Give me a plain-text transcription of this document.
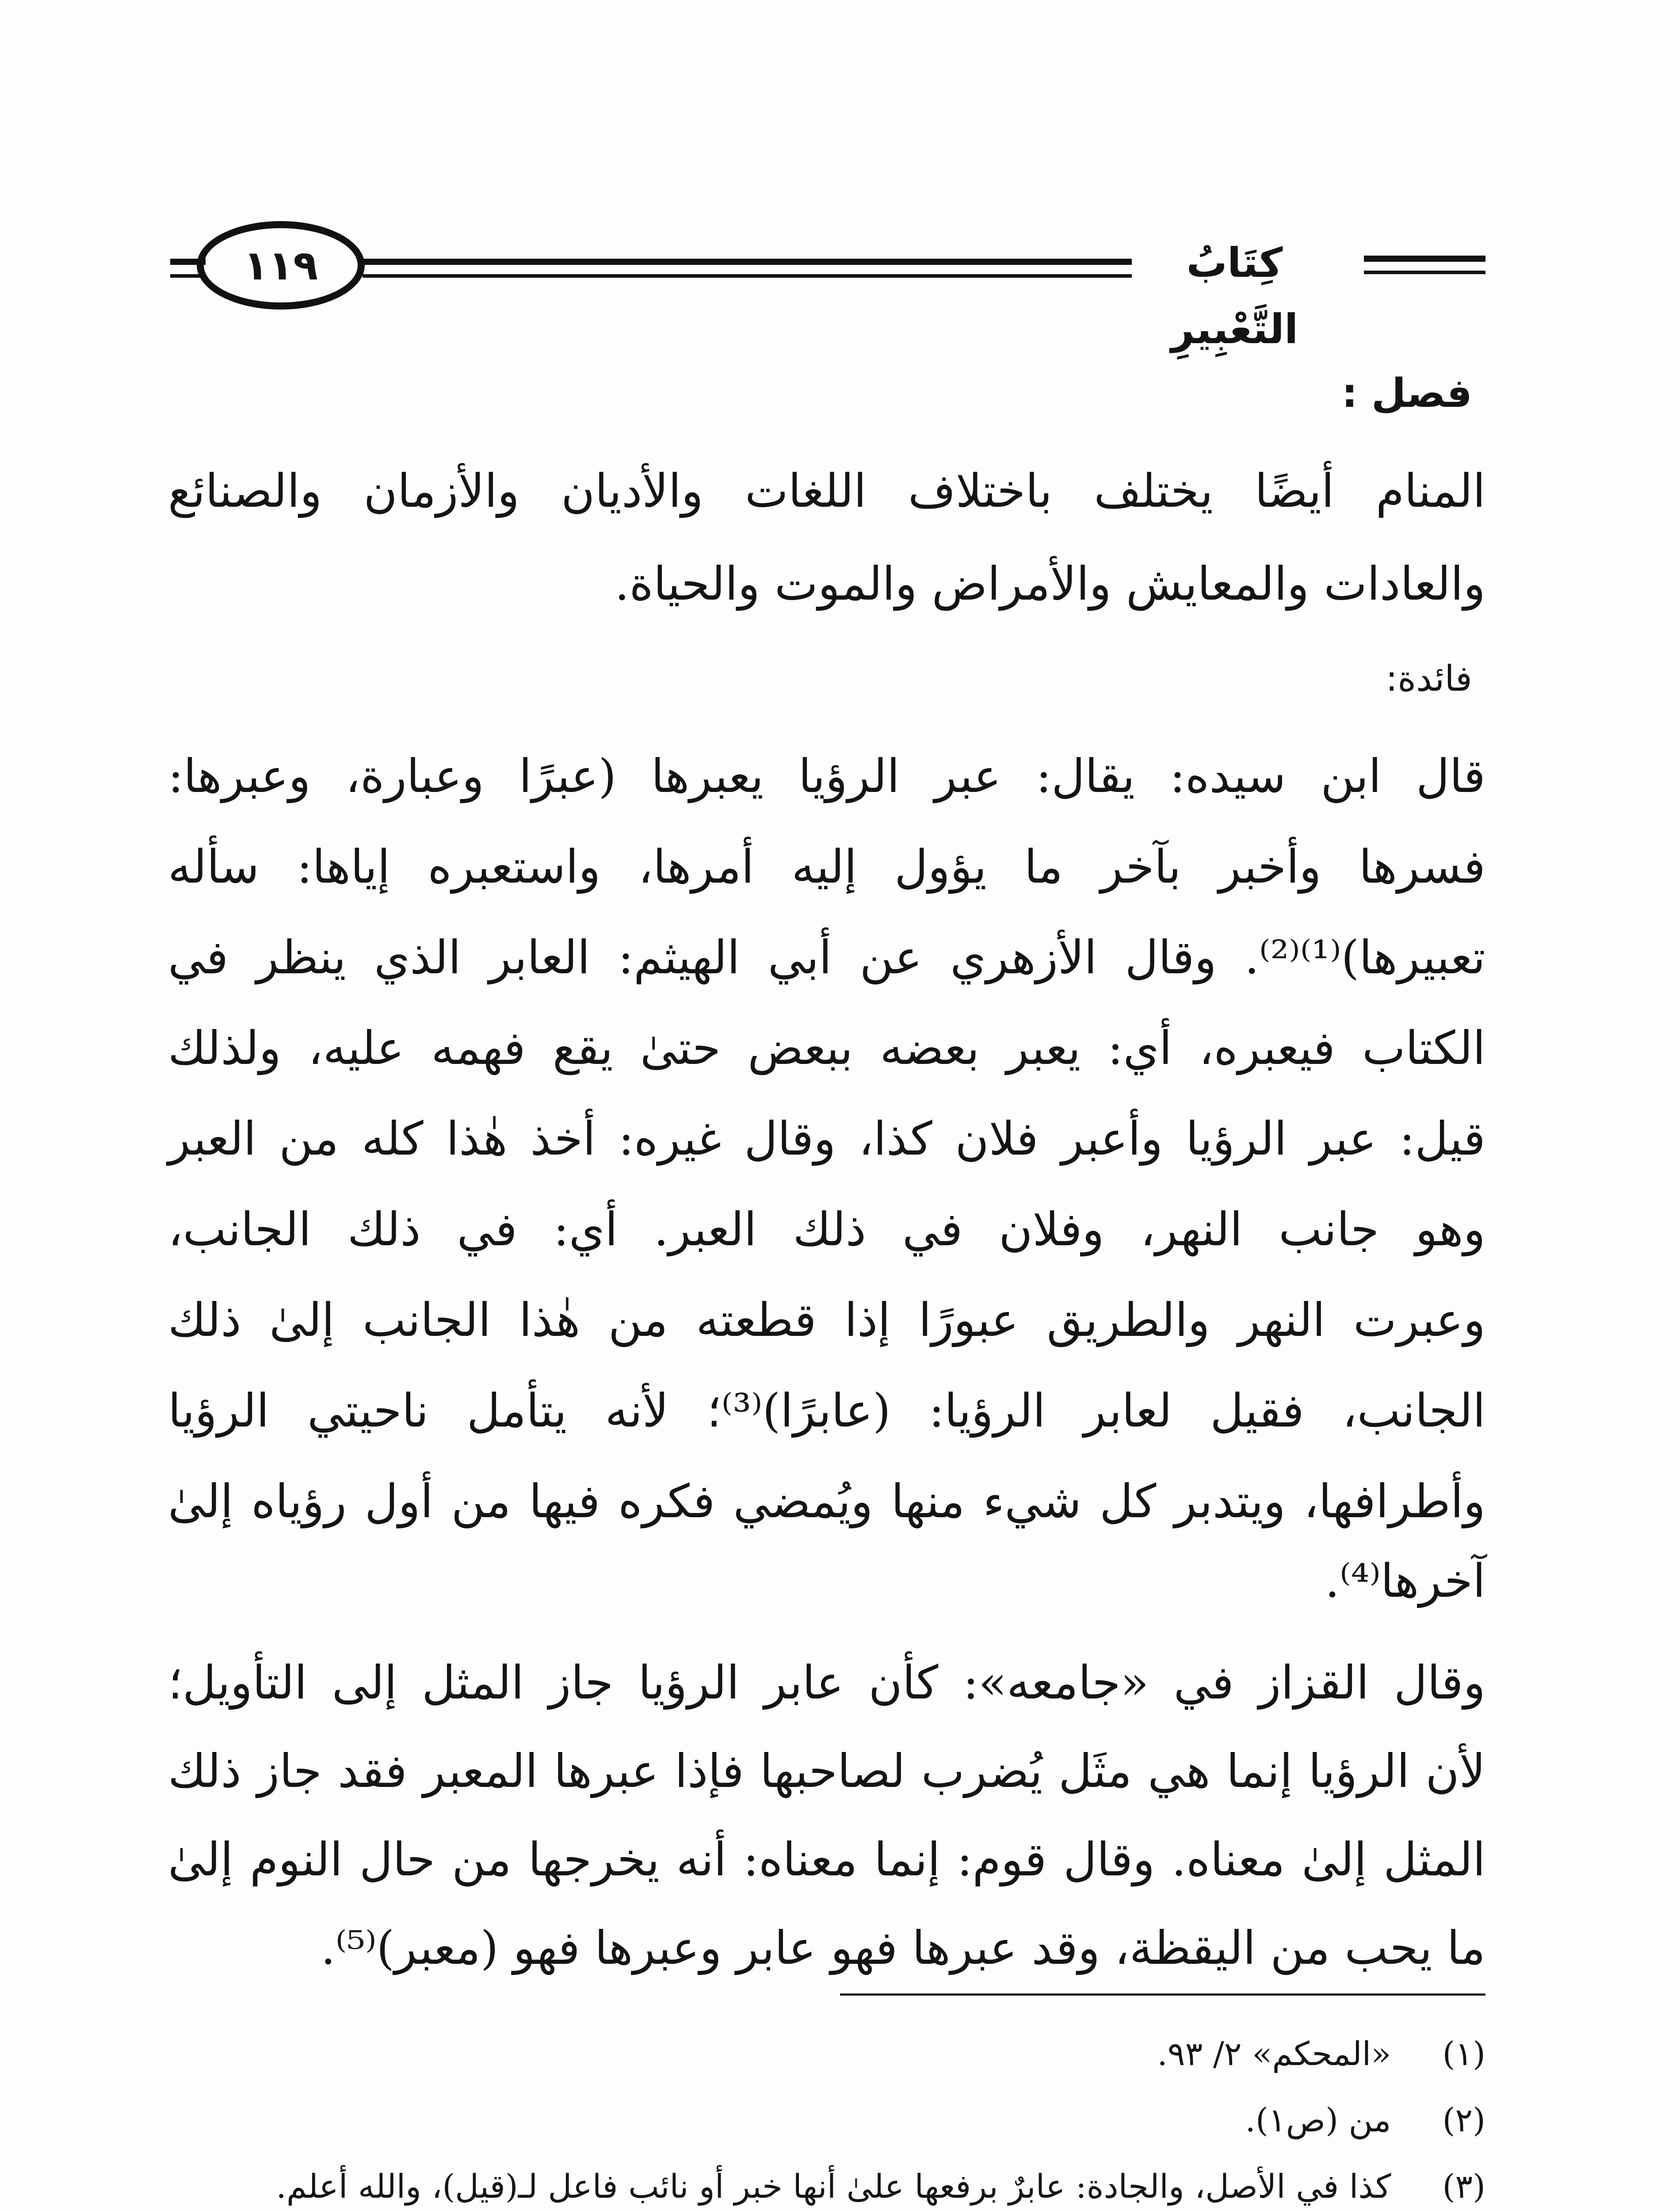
كِتَابُ التَّعْبِيرِ
١١٩
فصل :
المنام أيضًا يختلف باختلاف اللغات والأديان والأزمان والصنائع
والعادات والمعايش والأمراض والموت والحياة.
فائدة:
قال ابن سيده: يقال: عبر الرؤيا يعبرها (عبرًا وعبارة، وعبرها:
فسرها وأخبر بآخر ما يؤول إليه أمرها، واستعبره إياها: سأله
تعبيرها)⁽¹⁾⁽²⁾. وقال الأزهري عن أبي الهيثم: العابر الذي ينظر في
الكتاب فيعبره، أي: يعبر بعضه ببعض حتىٰ يقع فهمه عليه، ولذلك
قيل: عبر الرؤيا وأعبر فلان كذا، وقال غيره: أخذ هٰذا كله من العبر
وهو جانب النهر، وفلان في ذلك العبر. أي: في ذلك الجانب،
وعبرت النهر والطريق عبورًا إذا قطعته من هٰذا الجانب إلىٰ ذلك
الجانب، فقيل لعابر الرؤيا: (عابرًا)⁽³⁾؛ لأنه يتأمل ناحيتي الرؤيا
وأطرافها، ويتدبر كل شيء منها ويُمضي فكره فيها من أول رؤياه إلىٰ
آخرها⁽⁴⁾.
وقال القزاز في «جامعه»: كأن عابر الرؤيا جاز المثل إلى التأويل؛
لأن الرؤيا إنما هي مثَل يُضرب لصاحبها فإذا عبرها المعبر فقد جاز ذلك
المثل إلىٰ معناه. وقال قوم: إنما معناه: أنه يخرجها من حال النوم إلىٰ
ما يحب من اليقظة، وقد عبرها فهو عابر وعبرها فهو (معبر)⁽⁵⁾.
(١) «المحكم» ٢/ ٩٣.
(٢) من (ص١).
(٣) كذا في الأصل، والجادة: عابرٌ برفعها علىٰ أنها خبر أو نائب فاعل لـ(قيل)، والله أعلم.
